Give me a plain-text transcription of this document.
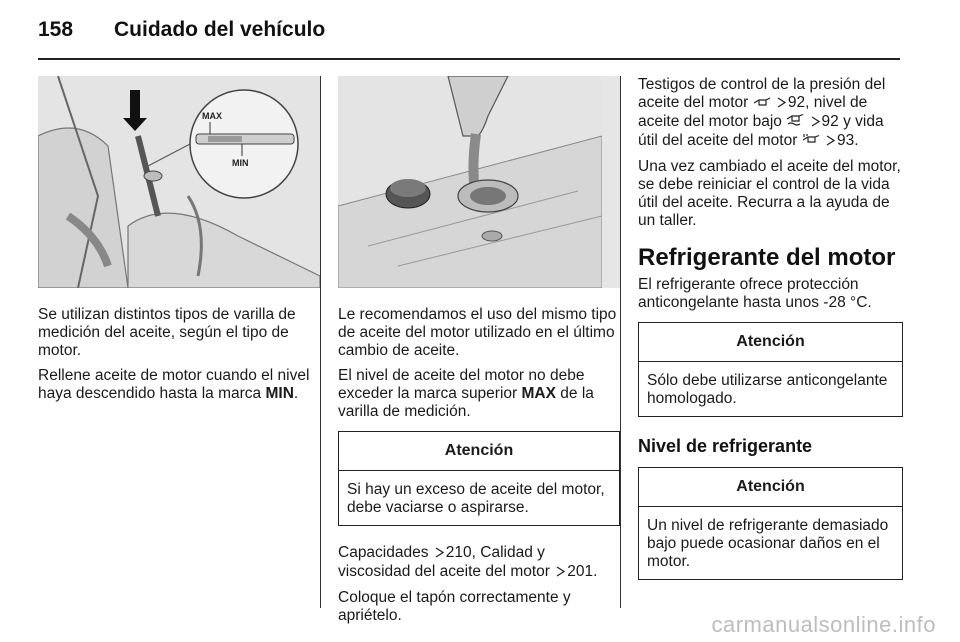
158 Cuidado del vehículo
MAX
MIN

Se utilizan distintos tipos de varilla de medición del aceite, según el tipo de motor.

Rellene aceite de motor cuando el nivel haya descendido hasta la marca MIN.

Le recomendamos el uso del mismo tipo de aceite del motor utilizado en el último cambio de aceite.

El nivel de aceite del motor no debe exceder la marca superior MAX de la varilla de medición.

Atención
Si hay un exceso de aceite del motor, debe vaciarse o aspirarse.

Capacidades 210, Calidad y viscosidad del aceite del motor 201.

Coloque el tapón correctamente y apriételo.

Testigos de control de la presión del aceite del motor	92, nivel de aceite del motor bajo	92 y vida útil del aceite del motor	93.

Una vez cambiado el aceite del motor, se debe reiniciar el control de la vida útil del aceite. Recurra a la ayuda de un taller.

Refrigerante del motor

El refrigerante ofrece protección anticongelante hasta unos -28 °C.

Atención
Sólo debe utilizarse anticongelante homologado.
Nivel de refrigerante
Atención
Un nivel de refrigerante demasiado bajo puede ocasionar daños en el motor.
carmanualsonline.info
